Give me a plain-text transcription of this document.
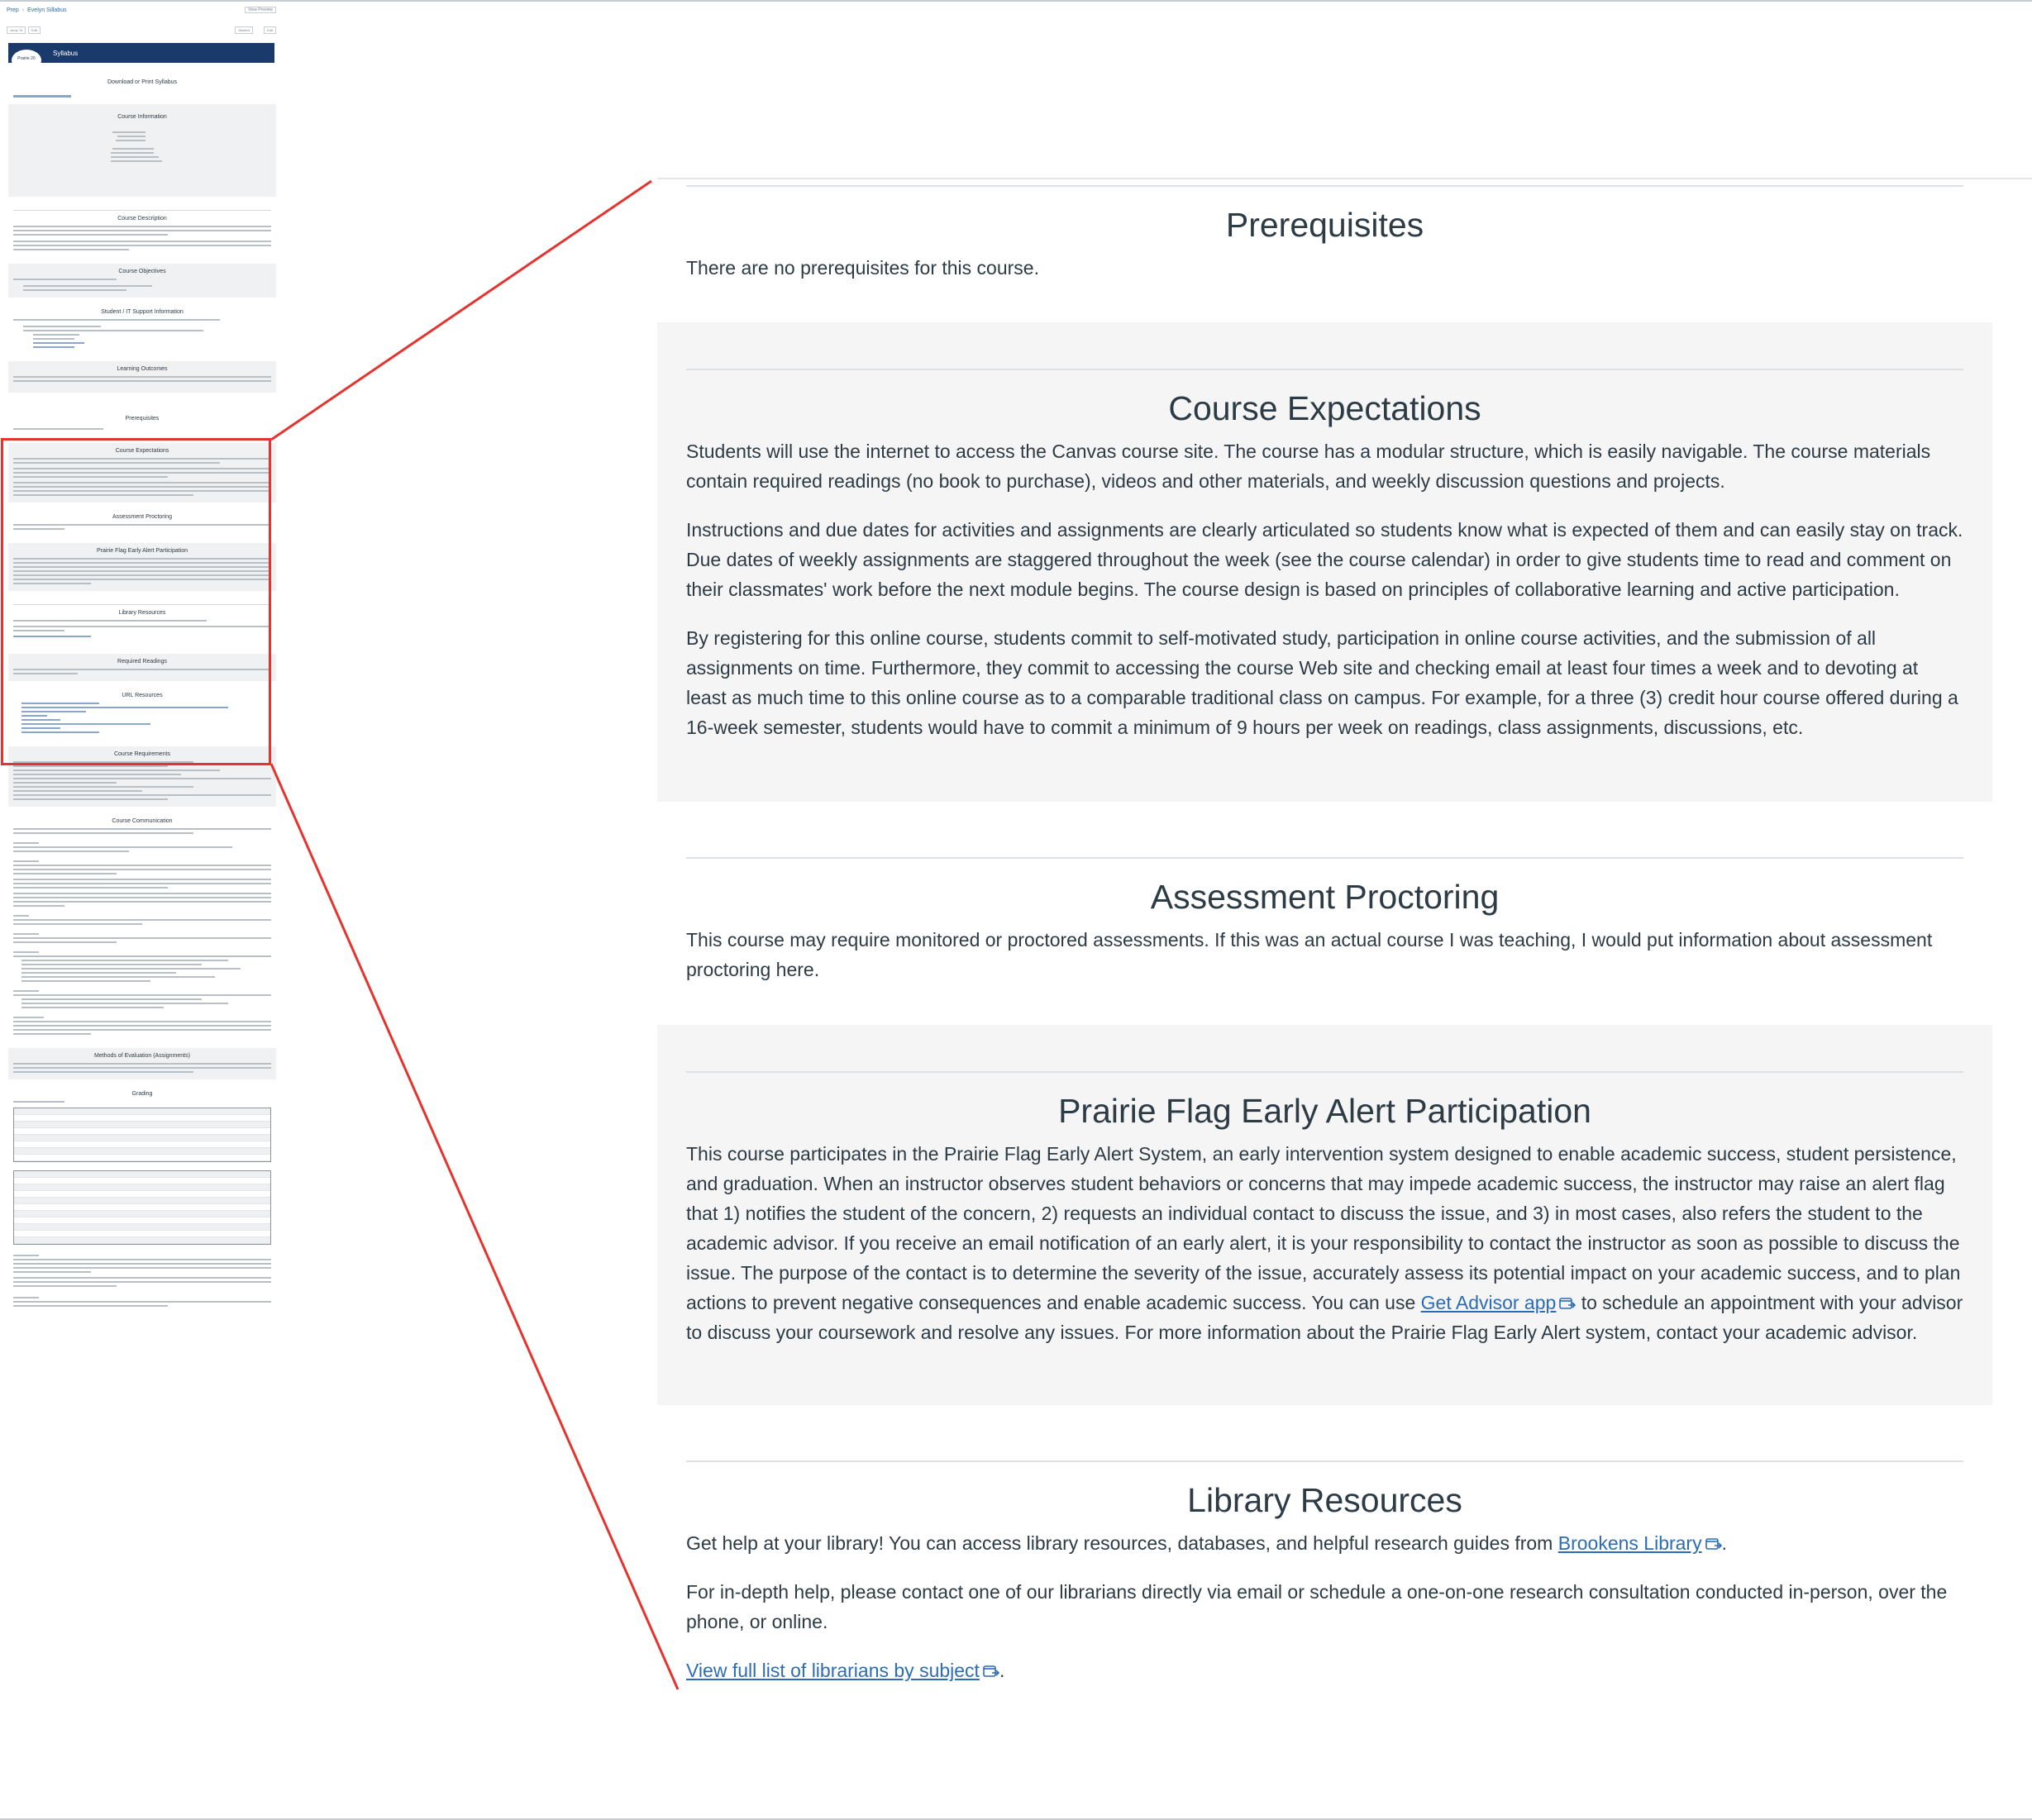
Prep › Evelyn Sillabus	View Preview
Jump To	Edit	Student	Edit
Prairie 20
Syllabus
Download or Print Syllabus
Course Information
Course Description
Course Objectives
Student / IT Support Information
Learning Outcomes
Prerequisites
Course Expectations
Assessment Proctoring
Prairie Flag Early Alert Participation
Library Resources
Required Readings
URL Resources
Course Requirements
Course Communication
Methods of Evaluation (Assignments)
Grading
Prerequisites

There are no prerequisites for this course.

Course Expectations

Students will use the internet to access the Canvas course site. The course has a modular structure, which is easily navigable. The course materials contain required readings (no book to purchase), videos and other materials, and weekly discussion questions and projects.

Instructions and due dates for activities and assignments are clearly articulated so students know what is expected of them and can easily stay on track. Due dates of weekly assignments are staggered throughout the week (see the course calendar) in order to give students time to read and comment on their classmates' work before the next module begins. The course design is based on principles of collaborative learning and active participation.

By registering for this online course, students commit to self-motivated study, participation in online course activities, and the submission of all assignments on time. Furthermore, they commit to accessing the course Web site and checking email at least four times a week and to devoting at least as much time to this online course as to a comparable traditional class on campus. For example, for a three (3) credit hour course offered during a 16-week semester, students would have to commit a minimum of 9 hours per week on readings, class assignments, discussions, etc.

Assessment Proctoring

This course may require monitored or proctored assessments. If this was an actual course I was teaching, I would put information about assessment proctoring here.

Prairie Flag Early Alert Participation

This course participates in the Prairie Flag Early Alert System, an early intervention system designed to enable academic success, student persistence, and graduation. When an instructor observes student behaviors or concerns that may impede academic success, the instructor may raise an alert flag that 1) notifies the student of the concern, 2) requests an individual contact to discuss the issue, and 3) in most cases, also refers the student to the academic advisor. If you receive an email notification of an early alert, it is your responsibility to contact the instructor as soon as possible to discuss the issue. The purpose of the contact is to determine the severity of the issue, accurately assess its potential impact on your academic success, and to plan actions to prevent negative consequences and enable academic success. You can use Get Advisor app to schedule an appointment with your advisor to discuss your coursework and resolve any issues. For more information about the Prairie Flag Early Alert system, contact your academic advisor.

Library Resources

Get help at your library! You can access library resources, databases, and helpful research guides from Brookens Library .

For in-depth help, please contact one of our librarians directly via email or schedule a one-on-one research consultation conducted in-person, over the phone, or online.

View full list of librarians by subject .
